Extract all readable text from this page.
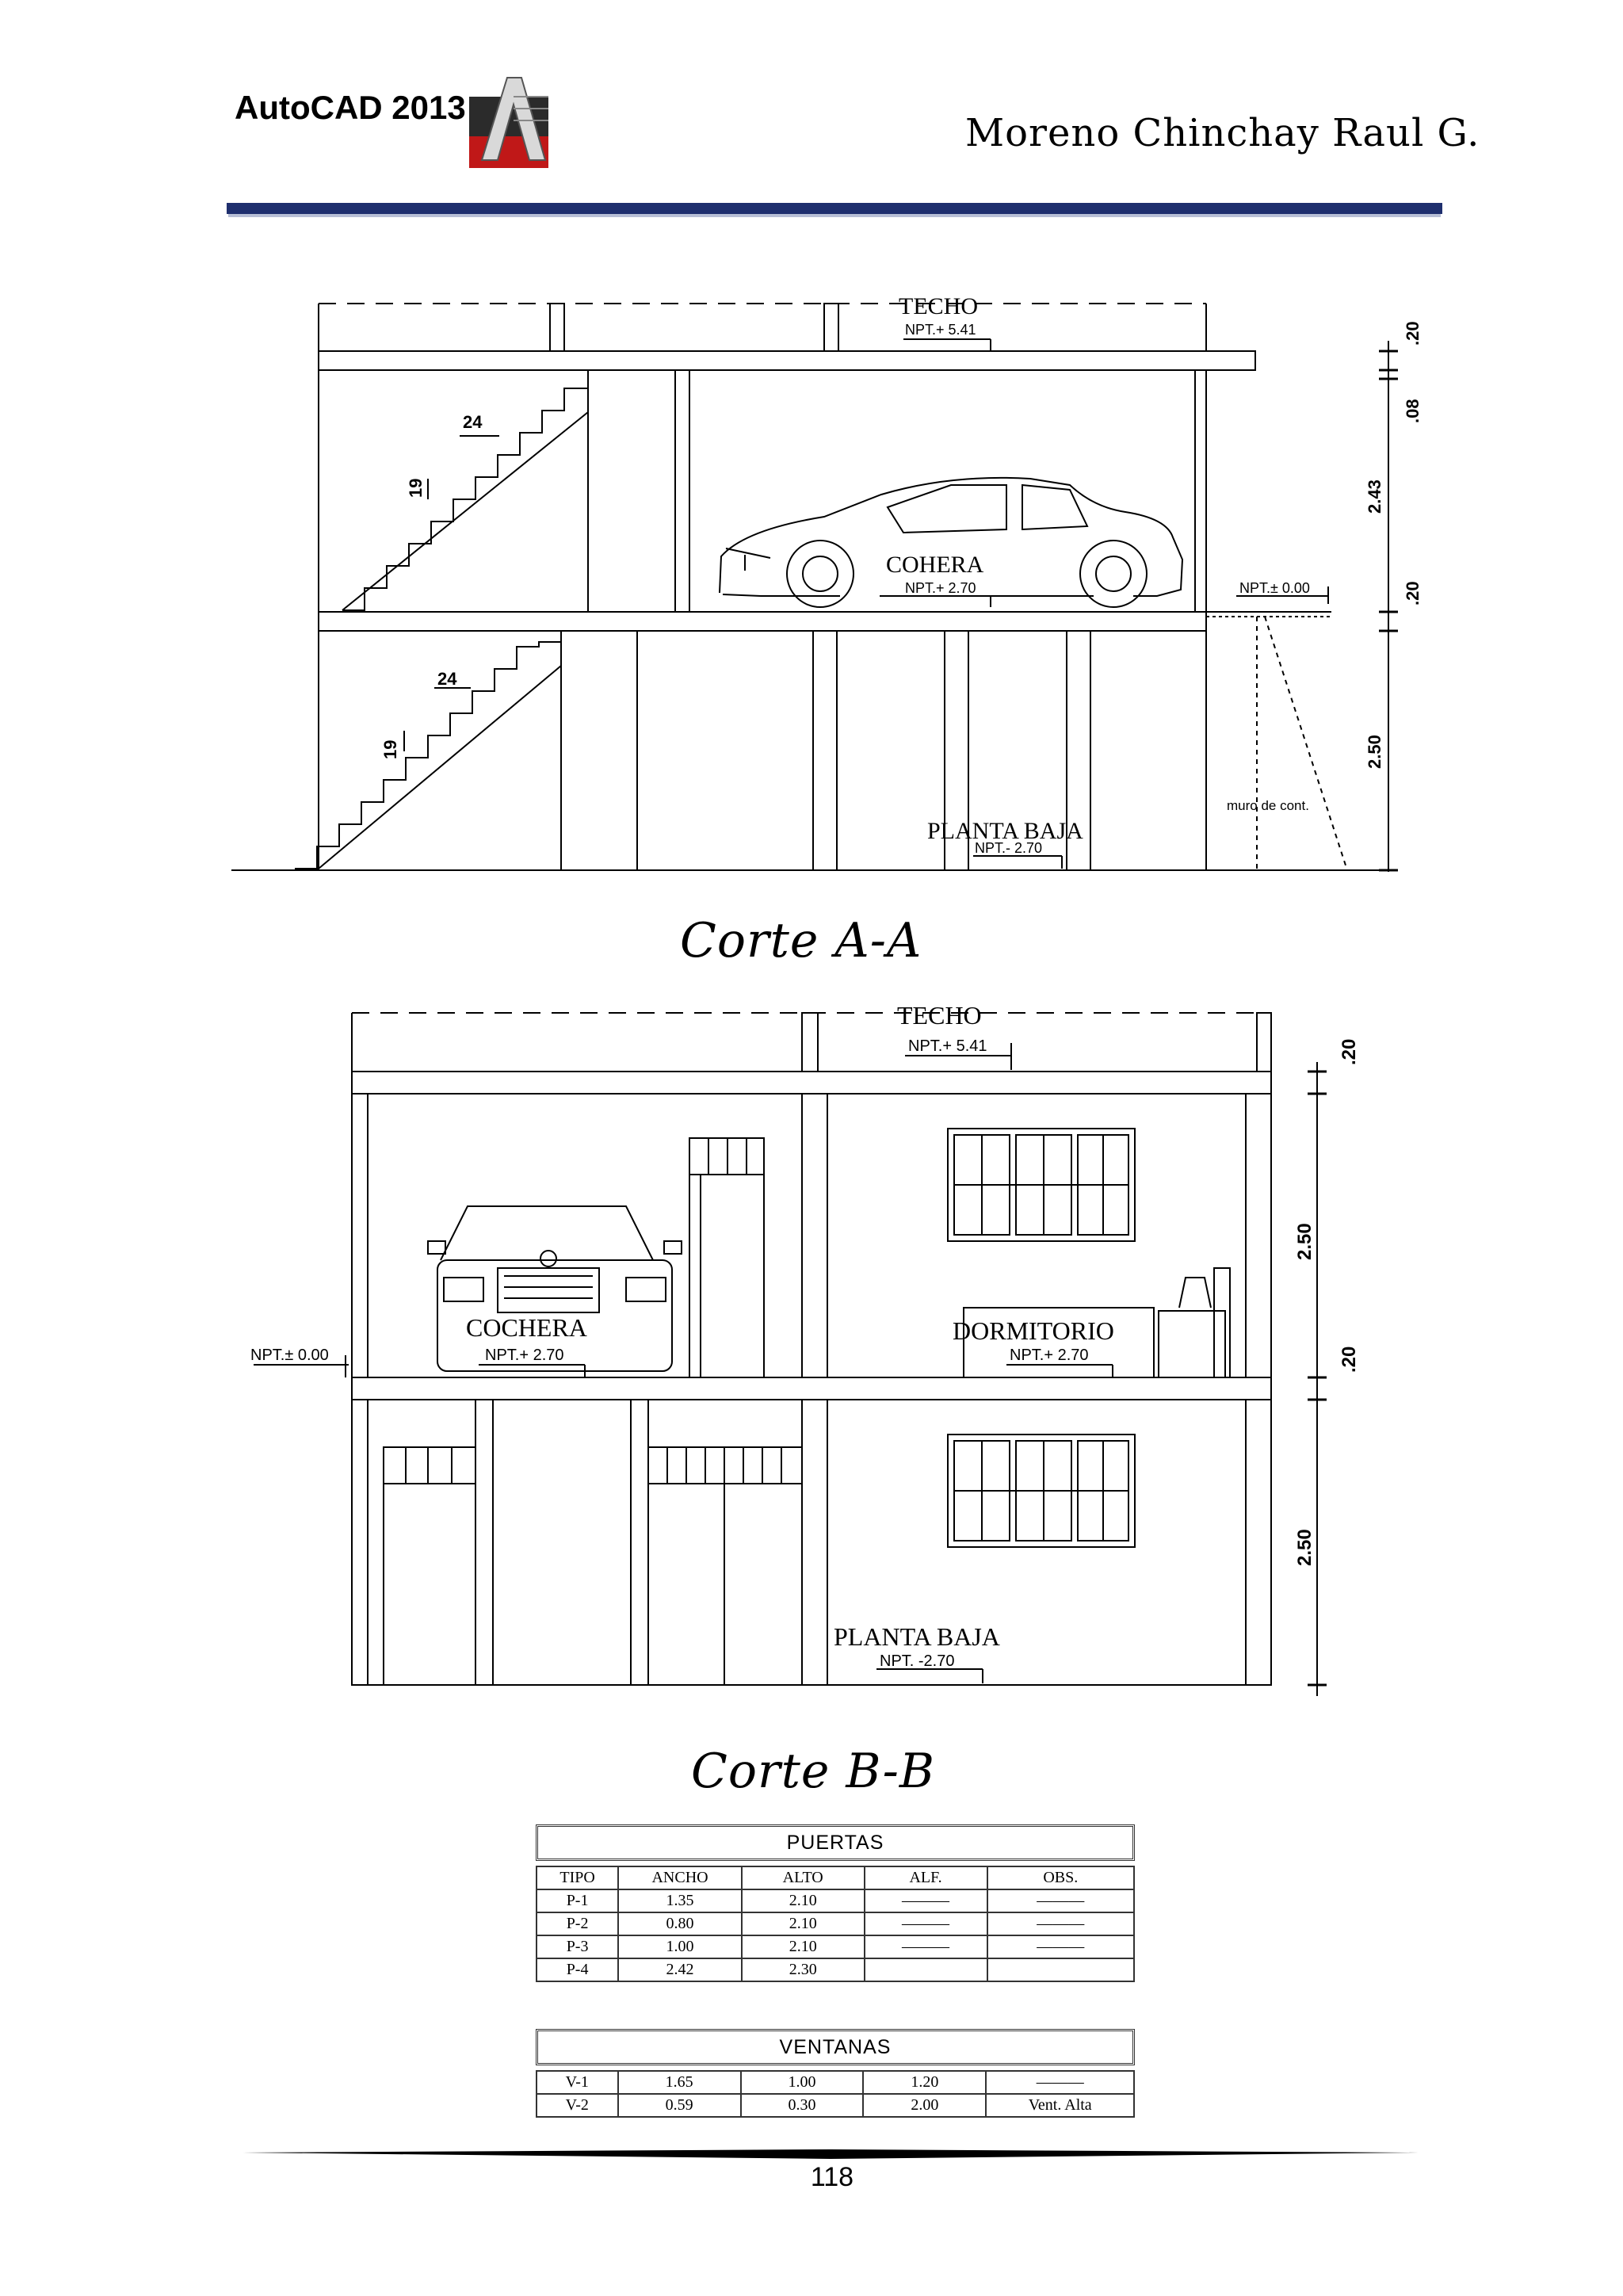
AutoCAD 2013
Moreno Chinchay Raul G.
TECHO
NPT.+ 5.41
COHERA
NPT.+ 2.70	NPT.± 0.00
muro de cont.
PLANTA BAJA
NPT.- 2.70
24
19
24
19
.20
.08
2.43
.20
2.50
TECHO
NPT.+ 5.41
COCHERA
NPT.+ 2.70
DORMITORIO
NPT.+ 2.70
NPT.± 0.00
PLANTA BAJA
NPT. -2.70
.20
2.50
.20
2.50
Corte A-A
Corte B-B
PUERTAS
TIPO	ANCHO	ALTO	ALF.	OBS.
P-1	1.35	2.10	———	———
P-2	0.80	2.10	———	———
P-3	1.00	2.10	———	———
P-4	2.42	2.30		
VENTANAS
V-1	1.65	1.00	1.20	———
V-2	0.59	0.30	2.00	Vent. Alta
118
